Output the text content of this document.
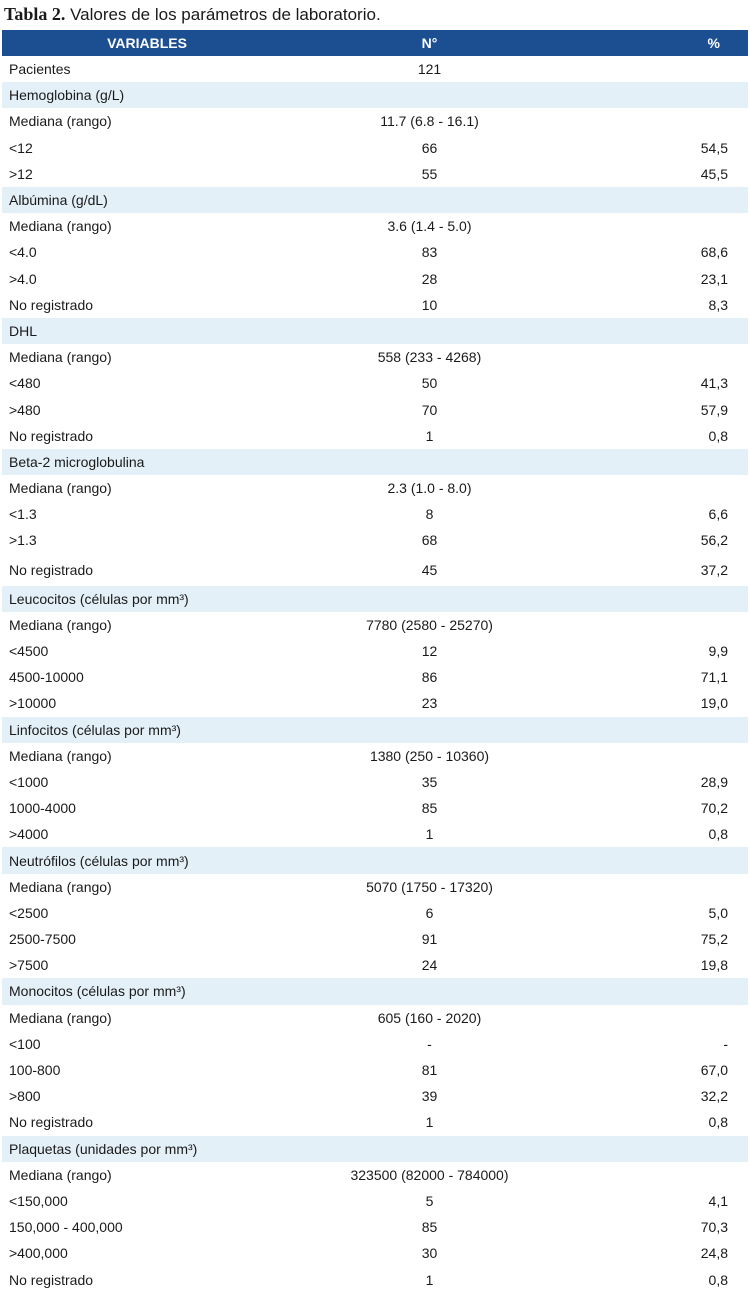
Tabla 2. Valores de los parámetros de laboratorio.
VARIABLES	N°	%
Pacientes	121
Hemoglobina (g/L)
Mediana (rango)	11.7 (6.8 - 16.1)
<12	66	54,5
>12	55	45,5
Albúmina (g/dL)
Mediana (rango)	3.6 (1.4 - 5.0)
<4.0	83	68,6
>4.0	28	23,1
No registrado	10	8,3
DHL
Mediana (rango)	558 (233 - 4268)
<480	50	41,3
>480	70	57,9
No registrado	1	0,8
Beta-2 microglobulina
Mediana (rango)	2.3 (1.0 - 8.0)
<1.3	8	6,6
>1.3	68	56,2
No registrado	45	37,2
Leucocitos (células por mm³)
Mediana (rango)	7780 (2580 - 25270)
<4500	12	9,9
4500-10000	86	71,1
>10000	23	19,0
Linfocitos (células por mm³)
Mediana (rango)	1380 (250 - 10360)
<1000	35	28,9
1000-4000	85	70,2
>4000	1	0,8
Neutrófilos (células por mm³)
Mediana (rango)	5070 (1750 - 17320)
<2500	6	5,0
2500-7500	91	75,2
>7500	24	19,8
Monocitos (células por mm³)
Mediana (rango)	605 (160 - 2020)
<100	-	-
100-800	81	67,0
>800	39	32,2
No registrado	1	0,8
Plaquetas (unidades por mm³)
Mediana (rango)	323500 (82000 - 784000)
<150,000	5	4,1
150,000 - 400,000	85	70,3
>400,000	30	24,8
No registrado	1	0,8
